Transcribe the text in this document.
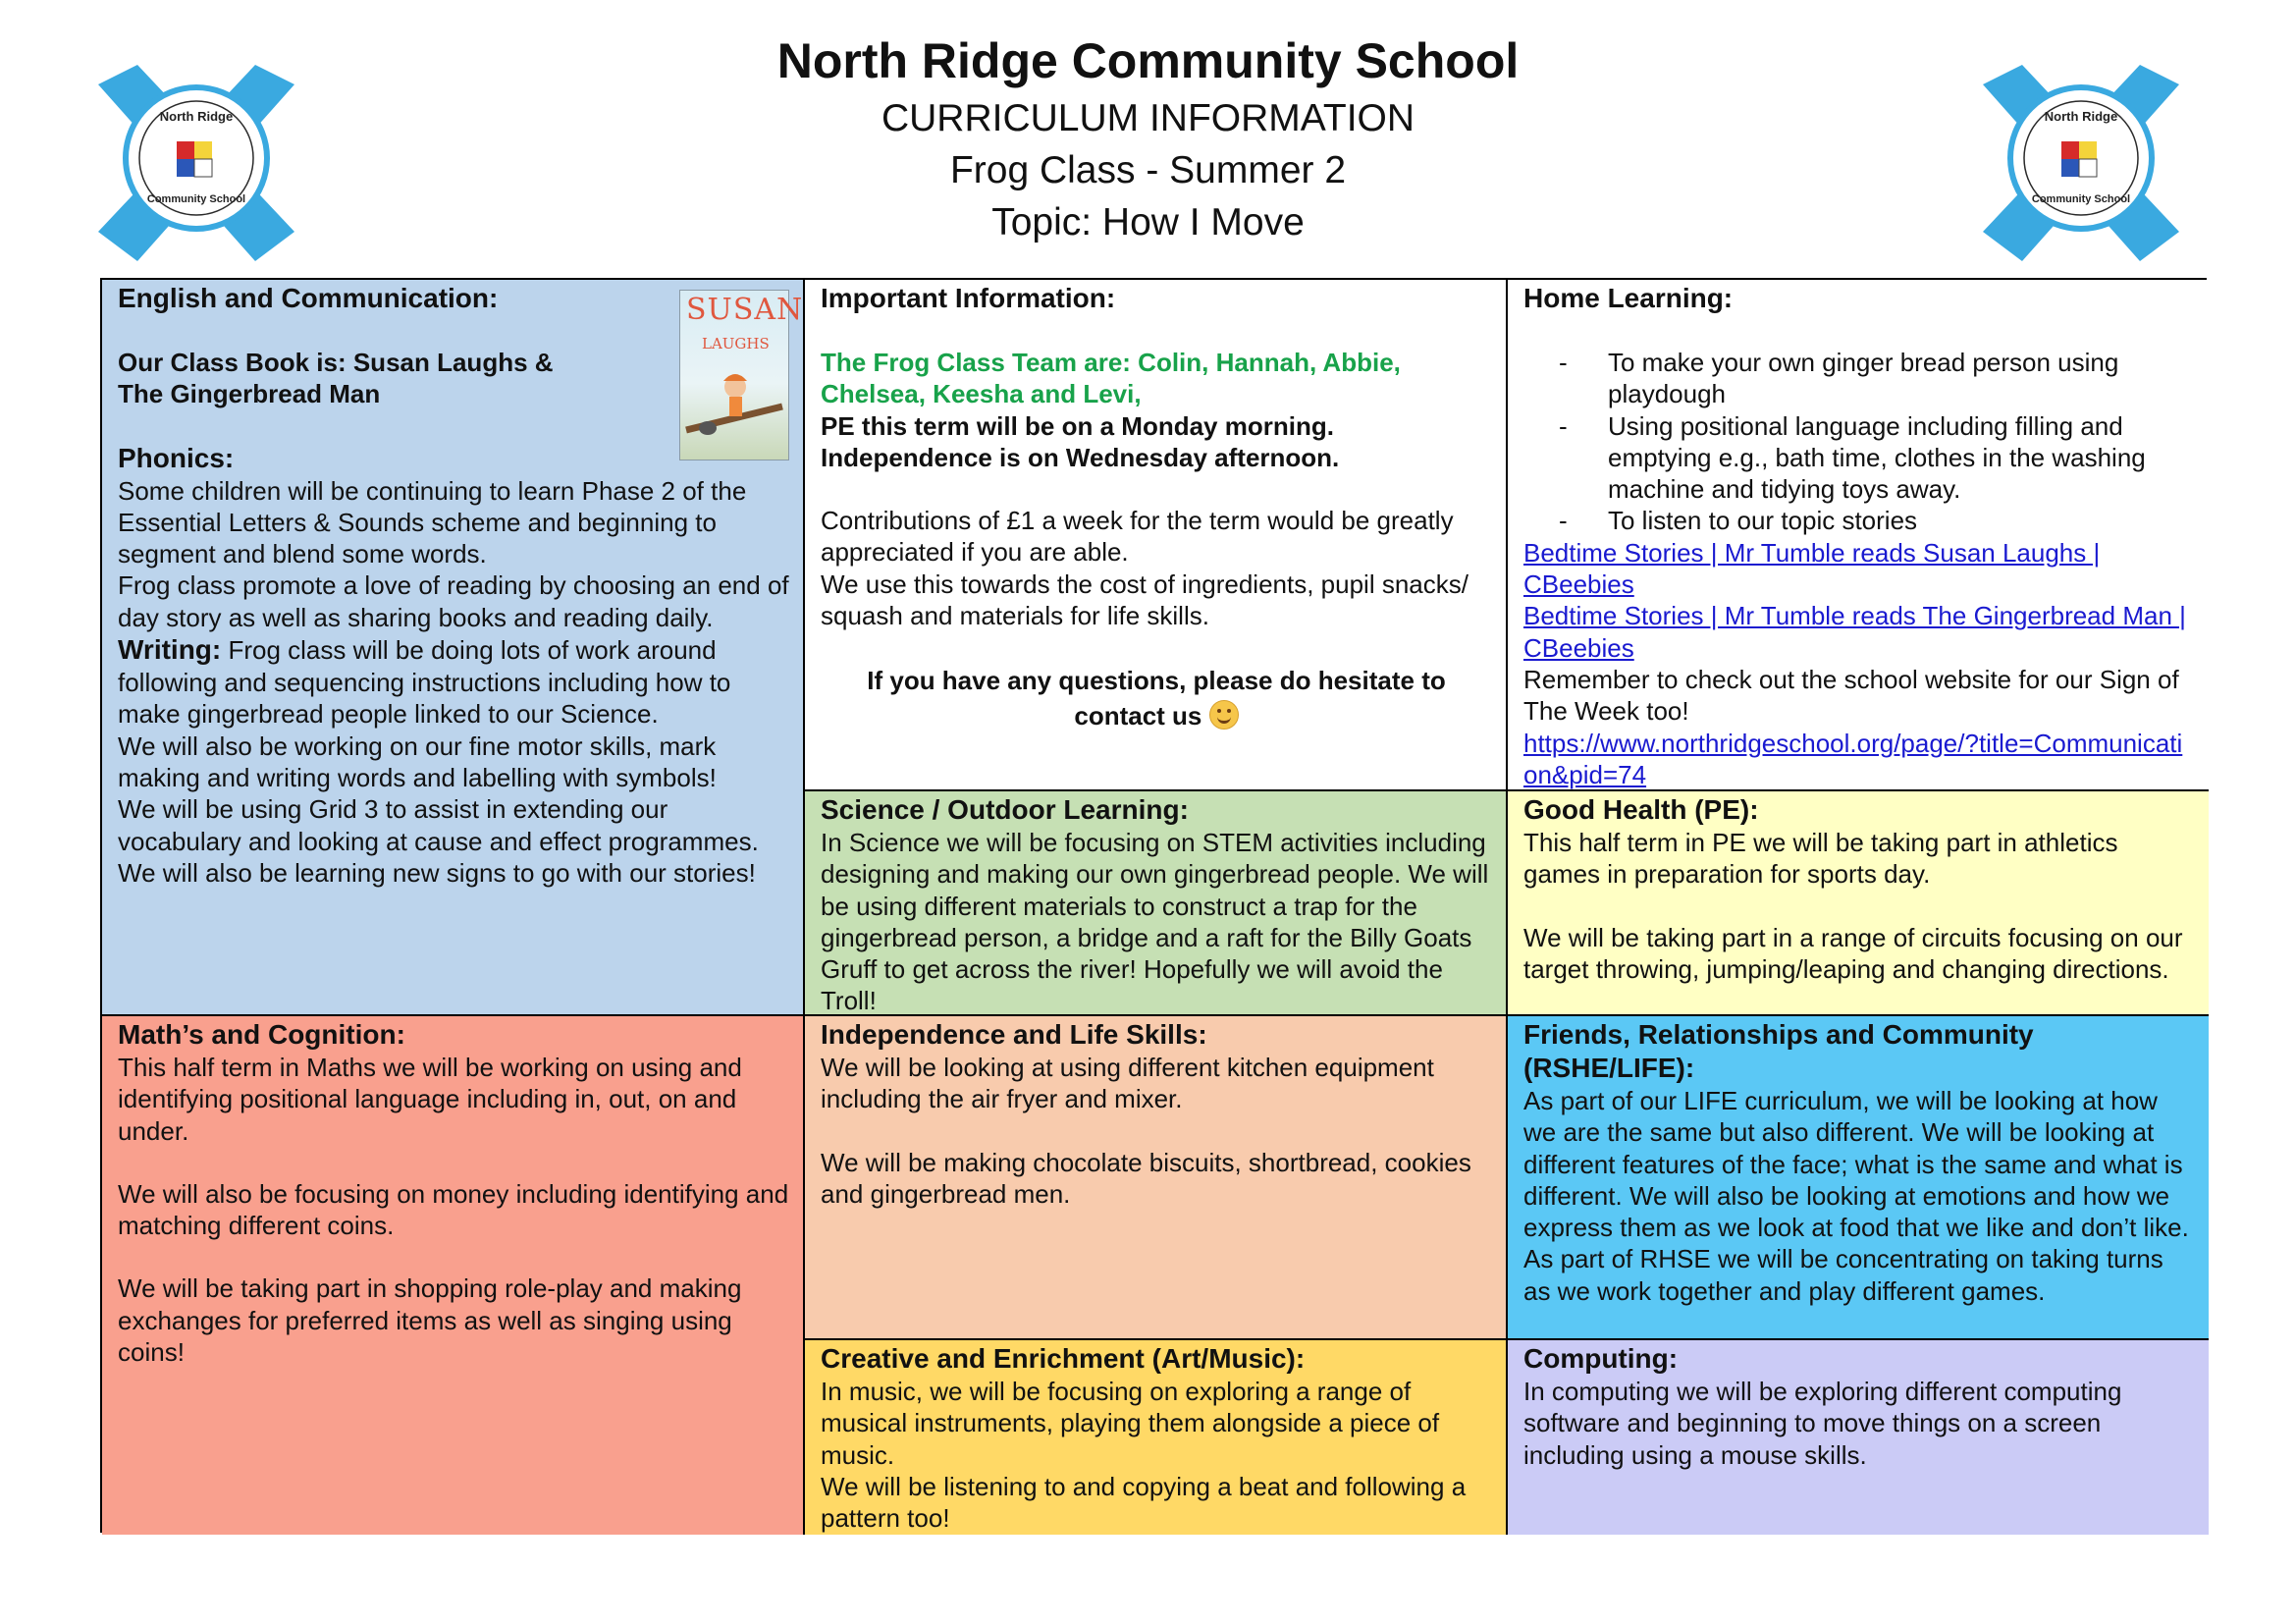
North Ridge
Community School
North Ridge
Community School
North Ridge Community School
CURRICULUM INFORMATION
Frog Class - Summer 2
Topic: How I Move
SUSAN
LAUGHS

English and Communication:

Our Class Book is: Susan Laughs &

The Gingerbread Man

Phonics:

Some children will be continuing to learn Phase 2 of the Essential Letters & Sounds scheme and beginning to segment and blend some words.

Frog class promote a love of reading by choosing an end of day story as well as sharing books and reading daily.

Writing: Frog class will be doing lots of work around following and sequencing instructions including how to make gingerbread people linked to our Science.

We will also be working on our fine motor skills, mark making and writing words and labelling with symbols!

We will be using Grid 3 to assist in extending our vocabulary and looking at cause and effect programmes.

We will also be learning new signs to go with our stories!

Important Information:

The Frog Class Team are: Colin, Hannah, Abbie, Chelsea, Keesha and Levi,

PE this term will be on a Monday morning.

Independence is on Wednesday afternoon.

Contributions of £1 a week for the term would be greatly appreciated if you are able.

We use this towards the cost of ingredients, pupil snacks/ squash and materials for life skills.

If you have any questions, please do hesitate to contact us

Home Learning:

- To make your own ginger bread person using playdough
- Using positional language including filling and emptying e.g., bath time, clothes in the washing machine and tidying toys away.
- To listen to our topic stories

Bedtime Stories | Mr Tumble reads Susan Laughs | CBeebies

Bedtime Stories | Mr Tumble reads The Gingerbread Man | CBeebies

Remember to check out the school website for our Sign of The Week too!

https://www.northridgeschool.org/page/?title=Communication&pid=74

Science / Outdoor Learning:

In Science we will be focusing on STEM activities including designing and making our own gingerbread people. We will be using different materials to construct a trap for the gingerbread person, a bridge and a raft for the Billy Goats Gruff to get across the river! Hopefully we will avoid the Troll!

Good Health (PE):

This half term in PE we will be taking part in athletics games in preparation for sports day.

We will be taking part in a range of circuits focusing on our target throwing, jumping/leaping and changing directions.

Math’s and Cognition:

This half term in Maths we will be working on using and identifying positional language including in, out, on and under.

We will also be focusing on money including identifying and matching different coins.

We will be taking part in shopping role-play and making exchanges for preferred items as well as singing using coins!

Independence and Life Skills:

We will be looking at using different kitchen equipment including the air fryer and mixer.

We will be making chocolate biscuits, shortbread, cookies and gingerbread men.

Friends, Relationships and Community (RSHE/LIFE):

As part of our LIFE curriculum, we will be looking at how we are the same but also different. We will be looking at different features of the face; what is the same and what is different. We will also be looking at emotions and how we express them as we look at food that we like and don’t like.

As part of RHSE we will be concentrating on taking turns as we work together and play different games.

Creative and Enrichment (Art/Music):

In music, we will be focusing on exploring a range of musical instruments, playing them alongside a piece of music.

We will be listening to and copying a beat and following a pattern too!

Computing:

In computing we will be exploring different computing software and beginning to move things on a screen including using a mouse skills.
